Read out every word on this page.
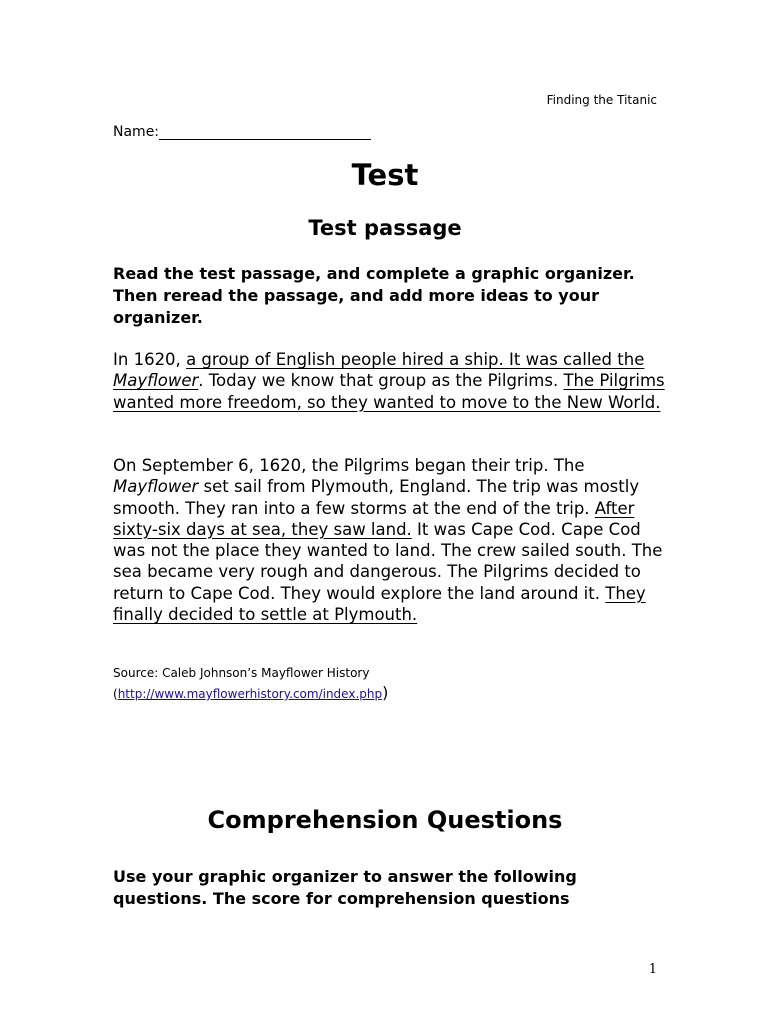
Finding the Titanic
Name:
Test
Test passage
Read the test passage, and complete a graphic organizer. Then reread the passage, and add more ideas to your organizer.
In 1620, a group of English people hired a ship. It was called the Mayflower. Today we know that group as the Pilgrims. The Pilgrims wanted more freedom, so they wanted to move to the New World.
On September 6, 1620, the Pilgrims began their trip. The Mayflower set sail from Plymouth, England. The trip was mostly smooth. They ran into a few storms at the end of the trip. After sixty-six days at sea, they saw land. It was Cape Cod. Cape Cod was not the place they wanted to land. The crew sailed south. The sea became very rough and dangerous. The Pilgrims decided to return to Cape Cod. They would explore the land around it. They finally decided to settle at Plymouth.
Source: Caleb Johnson’s Mayflower History
(http://www.mayflowerhistory.com/index.php)
Comprehension Questions
Use your graphic organizer to answer the following questions. The score for comprehension questions
1
